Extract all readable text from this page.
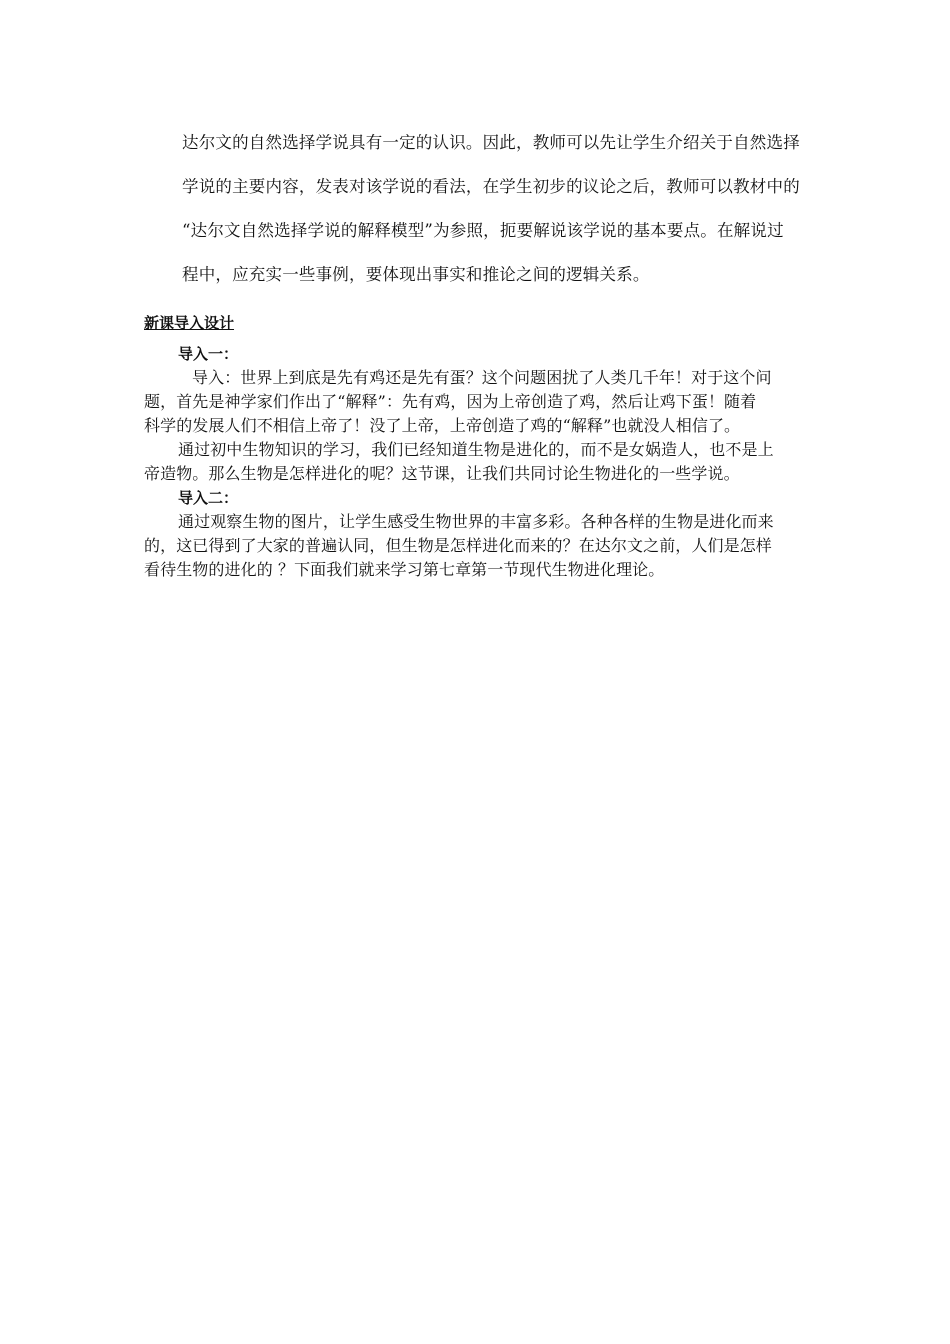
达尔文的自然选择学说具有一定的认识。因此，教师可以先让学生介绍关于自然选择
学说的主要内容，发表对该学说的看法，在学生初步的议论之后，教师可以教材中的
“达尔文自然选择学说的解释模型”为参照，扼要解说该学说的基本要点。在解说过
程中，应充实一些事例，要体现出事实和推论之间的逻辑关系。
新课导入设计
导入一：
导入：世界上到底是先有鸡还是先有蛋？这个问题困扰了人类几千年！对于这个问
题，首先是神学家们作出了“解释”：先有鸡，因为上帝创造了鸡，然后让鸡下蛋！随着
科学的发展人们不相信上帝了！没了上帝，上帝创造了鸡的“解释”也就没人相信了。
通过初中生物知识的学习，我们已经知道生物是进化的，而不是女娲造人，也不是上
帝造物。那么生物是怎样进化的呢？这节课，让我们共同讨论生物进化的一些学说。
导入二：
通过观察生物的图片，让学生感受生物世界的丰富多彩。各种各样的生物是进化而来
的，这已得到了大家的普遍认同，但生物是怎样进化而来的？在达尔文之前，人们是怎样
看待生物的进化的 ？下面我们就来学习第七章第一节现代生物进化理论。
